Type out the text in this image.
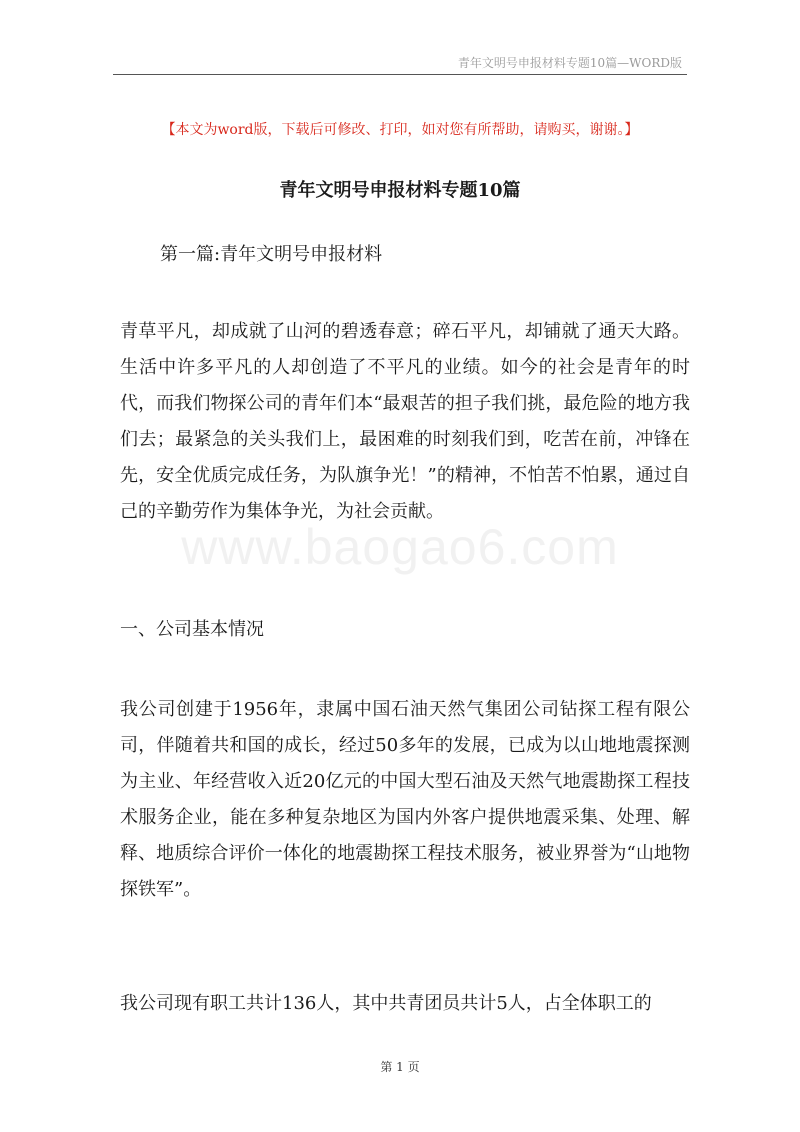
青年文明号申报材料专题10篇—WORD版
【本文为word版，下载后可修改、打印，如对您有所帮助，请购买，谢谢。】
青年文明号申报材料专题10篇
第一篇:青年文明号申报材料

青草平凡，却成就了山河的碧透春意；碎石平凡，却铺就了通天大路。生活中许多平凡的人却创造了不平凡的业绩。如今的社会是青年的时代，而我们物探公司的青年们本“最艰苦的担子我们挑，最危险的地方我们去；最紧急的关头我们上，最困难的时刻我们到，吃苦在前，冲锋在先，安全优质完成任务，为队旗争光！”的精神，不怕苦不怕累，通过自己的辛勤劳作为集体争光，为社会贡献。

www.baogao6.com

一、公司基本情况

我公司创建于1956年，隶属中国石油天然气集团公司钻探工程有限公司，伴随着共和国的成长，经过50多年的发展，已成为以山地地震探测为主业、年经营收入近20亿元的中国大型石油及天然气地震勘探工程技术服务企业，能在多种复杂地区为国内外客户提供地震采集、处理、解释、地质综合评价一体化的地震勘探工程技术服务，被业界誉为“山地物探铁军”。

我公司现有职工共计136人，其中共青团员共计5人，占全体职工的

第 1 页
